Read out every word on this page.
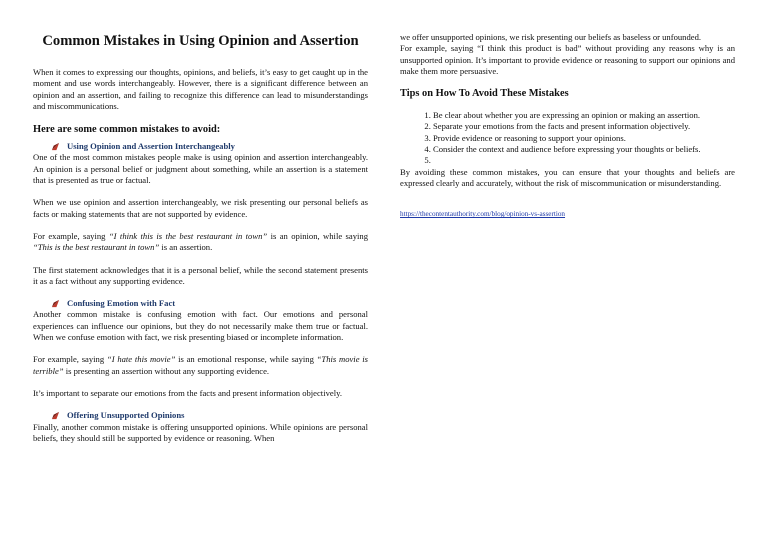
Common Mistakes in Using Opinion and Assertion

When it comes to expressing our thoughts, opinions, and beliefs, it’s easy to get caught up in the moment and use words interchangeably. However, there is a significant difference between an opinion and an assertion, and failing to recognize this difference can lead to misunderstandings and miscommunications.

Here are some common mistakes to avoid:
Using Opinion and Assertion Interchangeably

One of the most common mistakes people make is using opinion and assertion interchangeably. An opinion is a personal belief or judgment about something, while an assertion is a statement that is presented as true or factual.

When we use opinion and assertion interchangeably, we risk presenting our personal beliefs as facts or making statements that are not supported by evidence.

For example, saying “I think this is the best restaurant in town” is an opinion, while saying “This is the best restaurant in town” is an assertion.

The first statement acknowledges that it is a personal belief, while the second statement presents it as a fact without any supporting evidence.

Confusing Emotion with Fact

Another common mistake is confusing emotion with fact. Our emotions and personal experiences can influence our opinions, but they do not necessarily make them true or factual. When we confuse emotion with fact, we risk presenting biased or incomplete information.

For example, saying “I hate this movie” is an emotional response, while saying “This movie is terrible” is presenting an assertion without any supporting evidence.

It’s important to separate our emotions from the facts and present information objectively.

Offering Unsupported Opinions

Finally, another common mistake is offering unsupported opinions. While opinions are personal beliefs, they should still be supported by evidence or reasoning. When

we offer unsupported opinions, we risk presenting our beliefs as baseless or unfounded.

For example, saying “I think this product is bad” without providing any reasons why is an unsupported opinion. It’s important to provide evidence or reasoning to support our opinions and make them more persuasive.

Tips on How To Avoid These Mistakes
1. Be clear about whether you are expressing an opinion or making an assertion.
2. Separate your emotions from the facts and present information objectively.
3. Provide evidence or reasoning to support your opinions.
4. Consider the context and audience before expressing your thoughts or beliefs.
5.

By avoiding these common mistakes, you can ensure that your thoughts and beliefs are expressed clearly and accurately, without the risk of miscommunication or misunderstanding.

https://thecontentauthority.com/blog/opinion-vs-assertion
